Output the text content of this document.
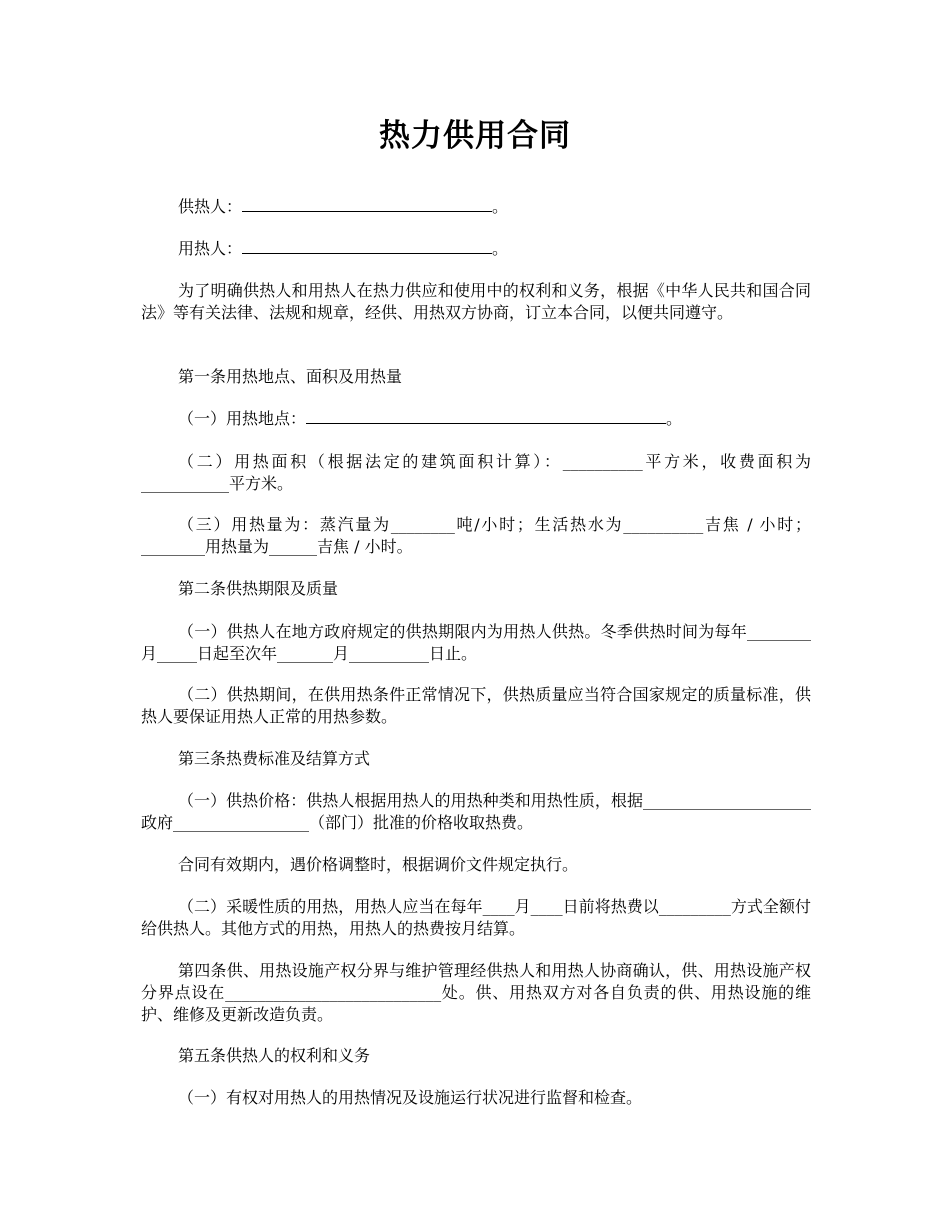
热力供用合同
供热人：	。
用热人：	。
为了明确供热人和用热人在热力供应和使用中的权利和义务，根据《中华人民共和国合同法》等有关法律、法规和规章，经供、用热双方协商，订立本合同，以便共同遵守。
第一条用热地点、面积及用热量
（一）用热地点：	。
（二）用热面积（根据法定的建筑面积计算）：__________平方米，收费面积为___________平方米。
（三）用热量为：蒸汽量为________吨/小时；生活热水为__________吉焦 / 小时；________用热量为______吉焦 / 小时。
第二条供热期限及质量
（一）供热人在地方政府规定的供热期限内为用热人供热。冬季供热时间为每年________月_____日起至次年_______月__________日止。
（二）供热期间，在供用热条件正常情况下，供热质量应当符合国家规定的质量标准，供热人要保证用热人正常的用热参数。
第三条热费标准及结算方式
（一）供热价格：供热人根据用热人的用热种类和用热性质，根据_____________________政府_________________（部门）批准的价格收取热费。
合同有效期内，遇价格调整时，根据调价文件规定执行。
（二）采暖性质的用热，用热人应当在每年____月____日前将热费以_________方式全额付给供热人。其他方式的用热，用热人的热费按月结算。
第四条供、用热设施产权分界与维护管理经供热人和用热人协商确认，供、用热设施产权分界点设在___________________________处。供、用热双方对各自负责的供、用热设施的维护、维修及更新改造负责。
第五条供热人的权利和义务
（一）有权对用热人的用热情况及设施运行状况进行监督和检查。
